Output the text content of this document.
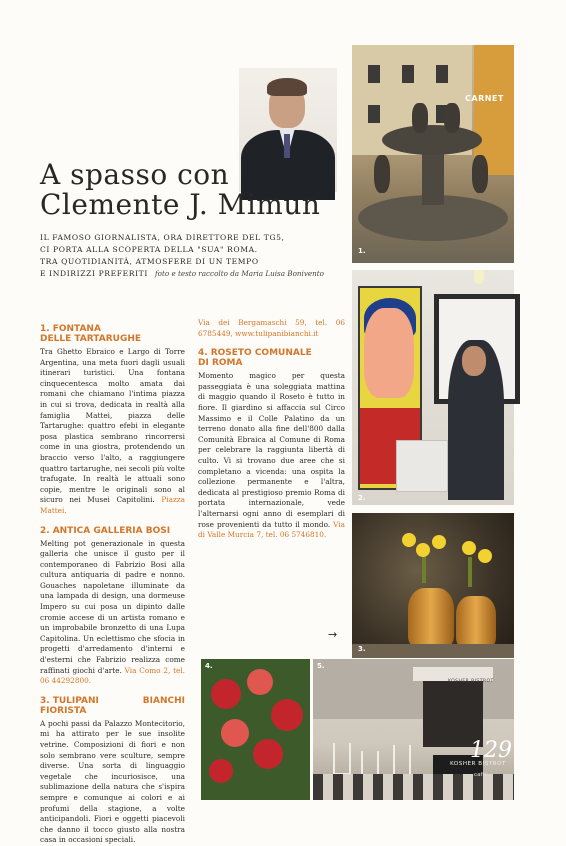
A spasso con
Clemente J. Mimun
IL FAMOSO GIORNALISTA, ORA DIRETTORE DEL TG5,
CI PORTA ALLA SCOPERTA DELLA "SUA" ROMA.
TRA QUOTIDIANITÀ, ATMOSFERE DI UN TEMPO
E INDIRIZZI PREFERITI foto e testo raccolto da Maria Luisa Bonivento
1. FONTANA
DELLE TARTARUGHE

Tra Ghetto Ebraico e Largo di Torre Argentina, una meta fuori dagli usuali itinerari turistici. Una fontana cinquecentesca molto amata dai romani che chiamano l'intima piazza in cui si trova, dedicata in realtà alla famiglia Mattei, piazza delle Tartarughe: quattro efebi in elegante posa plastica sembrano rincorrersi come in una giostra, protendendo un braccio verso l'alto, a raggiungere quattro tartarughe, nei secoli più volte trafugate. In realtà le attuali sono copie, mentre le originali sono al sicuro nei Musei Capitolini. Piazza Mattei.

2. ANTICA GALLERIA BOSI

Melting pot generazionale in questa galleria che unisce il gusto per il contemporaneo di Fabrizio Bosi alla cultura antiquaria di padre e nonno. Gouaches napoletane illuminate da una lampada di design, una dormeuse Impero su cui posa un dipinto dalle cromie accese di un artista romano e un improbabile bronzetto di una Lupa Capitolina. Un eclettismo che sfocia in progetti d'arredamento d'interni e d'esterni che Fabrizio realizza come raffinati giochi d'arte. Via Como 2, tel. 06 44292800.

3. TULIPANI BIANCHI FIORISTA

A pochi passi da Palazzo Montecitorio, mi ha attirato per le sue insolite vetrine. Composizioni di fiori e non solo sembrano vere sculture, sempre diverse. Una sorta di linguaggio vegetale che incuriosisce, una sublimazione della natura che s'ispira sempre e comunque ai colori e ai profumi della stagione, a volte anticipandoli. Fiori e oggetti piacevoli che danno il tocco giusto alla nostra casa in occasioni speciali.

Via dei Bergamaschi 59, tel. 06 6785449, www.tulipanibianchi.it

4. ROSETO COMUNALE
DI ROMA

Momento magico per questa passeggiata è una soleggiata mattina di maggio quando il Roseto è tutto in fiore. Il giardino si affaccia sul Circo Massimo e il Colle Palatino da un terreno donato alla fine dell'800 dalla Comunità Ebraica al Comune di Roma per celebrare la raggiunta libertà di culto. Vi si trovano due aree che si completano a vicenda: una ospita la collezione permanente e l'altra, dedicata al prestigioso premio Roma di portata internazionale, vede l'alternarsi ogni anno di esemplari di rose provenienti da tutto il mondo. Via di Valle Murcia 7, tel. 06 5746810.

→
1.
CARNET
2.
3.
4.	5.
KOSHER BISTROT
129
KOSHER BISTROT
caffè
